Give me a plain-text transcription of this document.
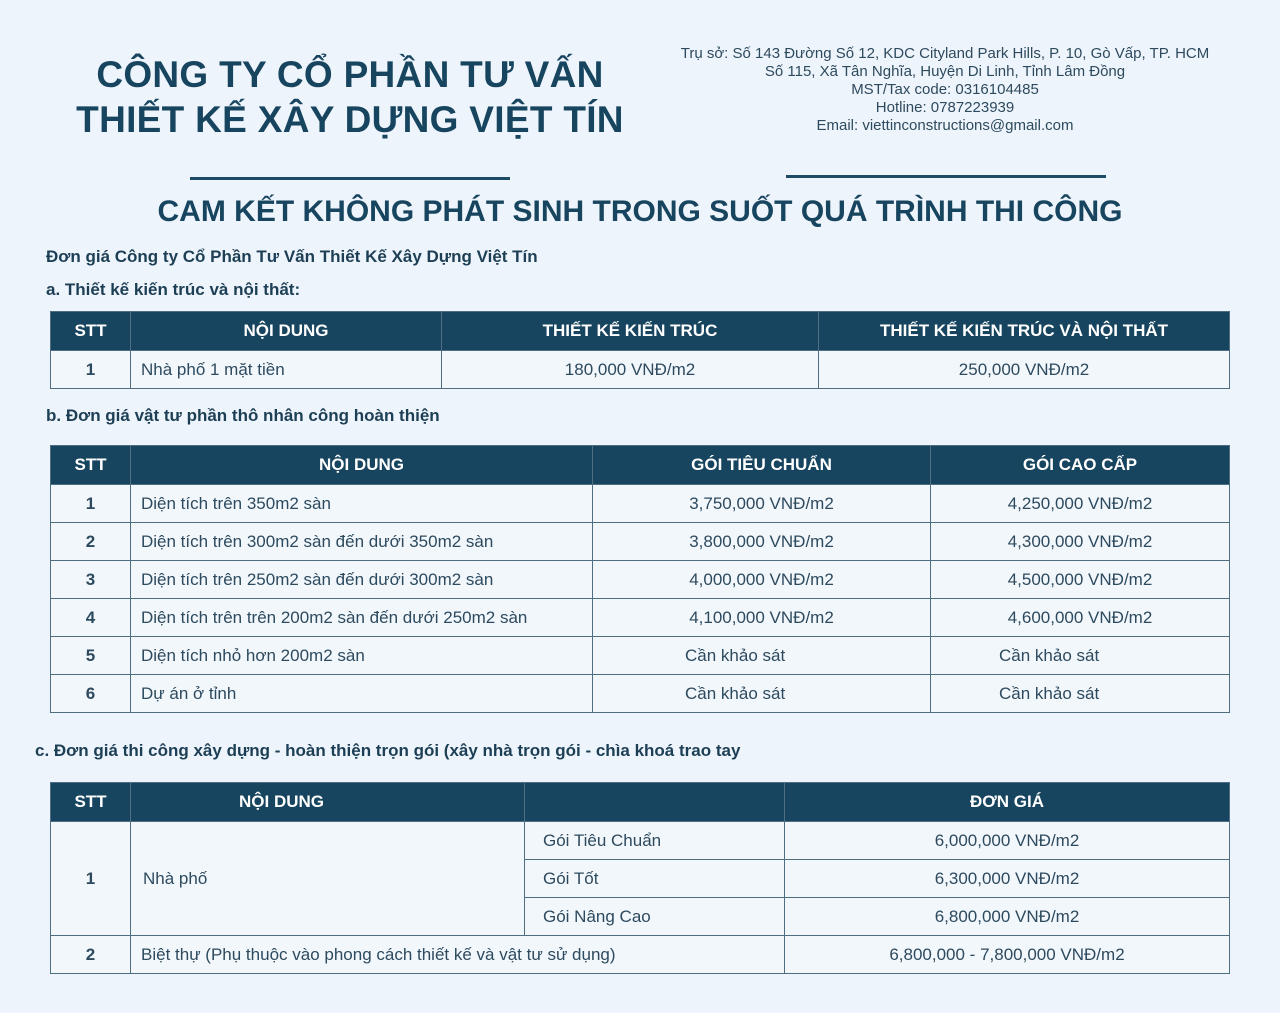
CÔNG TY CỔ PHẦN TƯ VẤN
THIẾT KẾ XÂY DỰNG VIỆT TÍN
Trụ sở: Số 143 Đường Số 12, KDC Cityland Park Hills, P. 10, Gò Vấp, TP. HCM
Số 115, Xã Tân Nghĩa, Huyện Di Linh, Tỉnh Lâm Đồng
MST/Tax code: 0316104485
Hotline: 0787223939
Email: viettinconstructions@gmail.com
CAM KẾT KHÔNG PHÁT SINH TRONG SUỐT QUÁ TRÌNH THI CÔNG
Đơn giá Công ty Cổ Phần Tư Vấn Thiết Kế Xây Dựng Việt Tín
a. Thiết kế kiến trúc và nội thất:
STT	NỘI DUNG	THIẾT KẾ KIẾN TRÚC	THIẾT KẾ KIẾN TRÚC VÀ NỘI THẤT
1	Nhà phố 1 mặt tiền	180,000 VNĐ/m2	250,000 VNĐ/m2
b. Đơn giá vật tư phần thô nhân công hoàn thiện
STT	NỘI DUNG	GÓI TIÊU CHUẨN	GÓI CAO CẤP
1	Diện tích trên 350m2 sàn	3,750,000 VNĐ/m2	4,250,000 VNĐ/m2
2	Diện tích trên 300m2 sàn đến dưới 350m2 sàn	3,800,000 VNĐ/m2	4,300,000 VNĐ/m2
3	Diện tích trên 250m2 sàn đến dưới 300m2 sàn	4,000,000 VNĐ/m2	4,500,000 VNĐ/m2
4	Diện tích trên trên 200m2 sàn đến dưới 250m2 sàn	4,100,000 VNĐ/m2	4,600,000 VNĐ/m2
5	Diện tích nhỏ hơn 200m2 sàn	Cần khảo sát	Cần khảo sát
6	Dự án ở tỉnh	Cần khảo sát	Cần khảo sát
c. Đơn giá thi công xây dựng - hoàn thiện trọn gói (xây nhà trọn gói - chìa khoá trao tay
STT	NỘI DUNG		ĐƠN GIÁ
1	Nhà phố	Gói Tiêu Chuẩn	6,000,000 VNĐ/m2
		Gói Tốt	6,300,000 VNĐ/m2
		Gói Nâng Cao	6,800,000 VNĐ/m2
2	Biệt thự (Phụ thuộc vào phong cách thiết kế và vật tư sử dụng)		6,800,000 - 7,800,000 VNĐ/m2
